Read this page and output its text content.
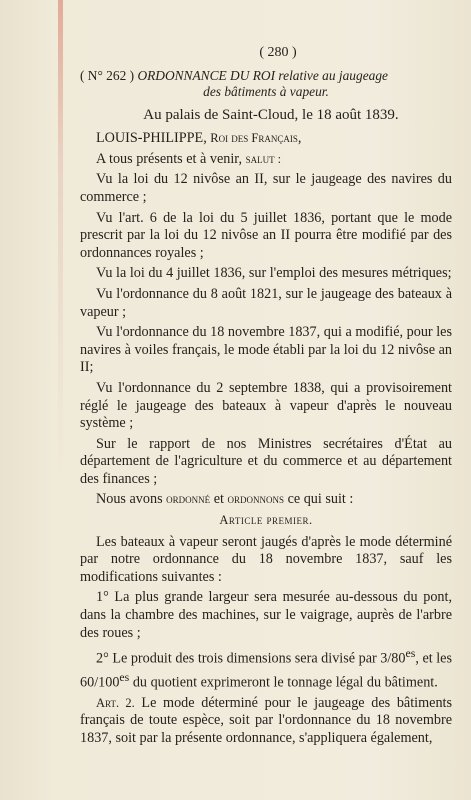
( 280 )
( N° 262 ) ORDONNANCE DU ROI relative au jaugeage
des bâtiments à vapeur.
Au palais de Saint-Cloud, le 18 août 1839.

LOUIS-PHILIPPE, Roi des Français,

A tous présents et à venir, salut :

Vu la loi du 12 nivôse an II, sur le jaugeage des navires du commerce ;

Vu l'art. 6 de la loi du 5 juillet 1836, portant que le mode prescrit par la loi du 12 nivôse an II pourra être modifié par des ordonnances royales ;

Vu la loi du 4 juillet 1836, sur l'emploi des mesures métriques;

Vu l'ordonnance du 8 août 1821, sur le jaugeage des bateaux à vapeur ;

Vu l'ordonnance du 18 novembre 1837, qui a modifié, pour les navires à voiles français, le mode établi par la loi du 12 nivôse an II;

Vu l'ordonnance du 2 septembre 1838, qui a provisoirement réglé le jaugeage des bateaux à vapeur d'après le nouveau système ;

Sur le rapport de nos Ministres secrétaires d'État au département de l'agriculture et du commerce et au département des finances ;

Nous avons ordonné et ordonnons ce qui suit :

Article premier.

Les bateaux à vapeur seront jaugés d'après le mode déterminé par notre ordonnance du 18 novembre 1837, sauf les modifications suivantes :

1° La plus grande largeur sera mesurée au-dessous du pont, dans la chambre des machines, sur le vaigrage, auprès de l'arbre des roues ;

2° Le produit des trois dimensions sera divisé par $3/80^{es}$, et les $60/100^{es}$ du quotient exprimeront le tonnage légal du bâtiment.

Art. 2. Le mode déterminé pour le jaugeage des bâtiments français de toute espèce, soit par l'ordonnance du 18 novembre 1837, soit par la présente ordonnance, s'appliquera également,
